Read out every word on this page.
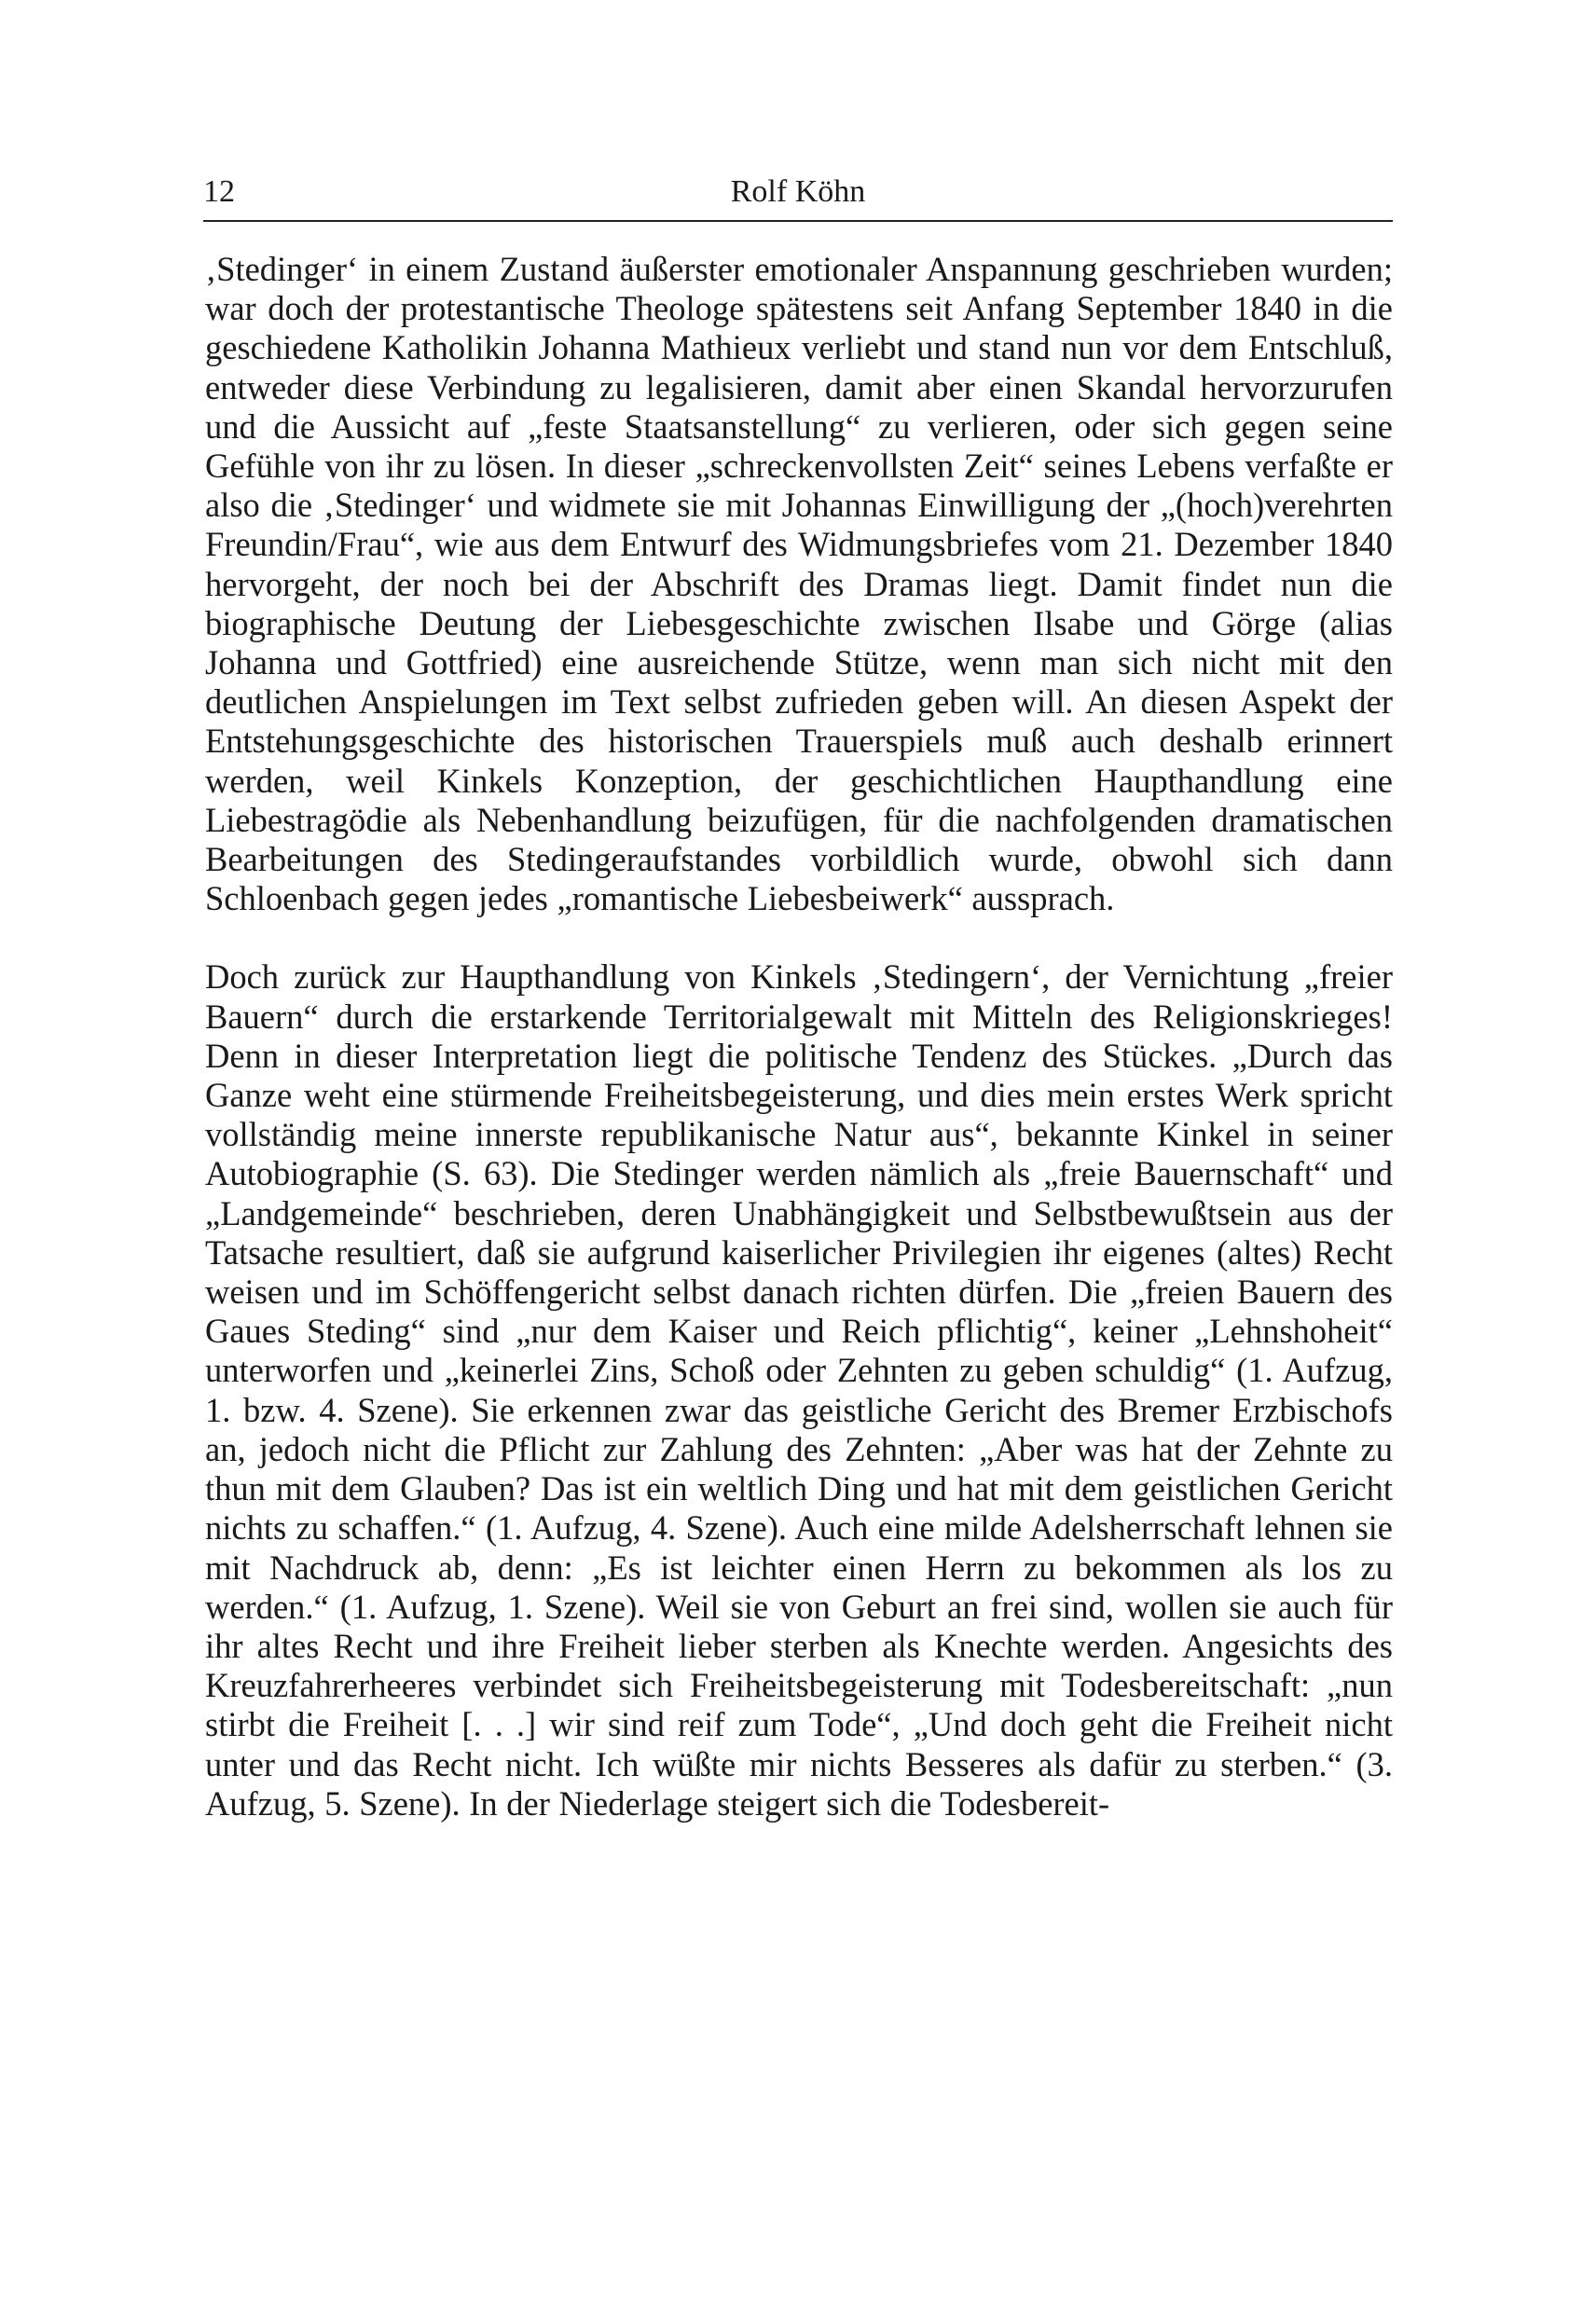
12	Rolf Köhn

‚Stedinger‘ in einem Zustand äußerster emotionaler Anspannung geschrieben wurden; war doch der protestantische Theologe spätestens seit Anfang September 1840 in die geschiedene Katholikin Johanna Mathieux verliebt und stand nun vor dem Entschluß, entweder diese Verbindung zu legalisieren, damit aber einen Skandal hervorzurufen und die Aussicht auf „feste Staatsanstellung“ zu verlieren, oder sich gegen seine Gefühle von ihr zu lösen. In dieser „schreckenvollsten Zeit“ seines Lebens verfaßte er also die ‚Stedinger‘ und widmete sie mit Johannas Einwilligung der „(hoch)verehrten Freundin/Frau“, wie aus dem Entwurf des Widmungsbriefes vom 21. Dezember 1840 hervorgeht, der noch bei der Abschrift des Dramas liegt. Damit findet nun die biographische Deutung der Liebesgeschichte zwischen Ilsabe und Görge (alias Johanna und Gottfried) eine ausreichende Stütze, wenn man sich nicht mit den deutlichen Anspielungen im Text selbst zufrieden geben will. An diesen Aspekt der Entstehungsgeschichte des historischen Trauerspiels muß auch deshalb erinnert werden, weil Kinkels Konzeption, der geschichtlichen Haupthandlung eine Liebestragödie als Nebenhandlung beizufügen, für die nachfolgenden dramatischen Bearbeitungen des Stedingeraufstandes vorbildlich wurde, obwohl sich dann Schloenbach gegen jedes „romantische Liebesbeiwerk“ aussprach.

Doch zurück zur Haupthandlung von Kinkels ‚Stedingern‘, der Vernichtung „freier Bauern“ durch die erstarkende Territorialgewalt mit Mitteln des Religionskrieges! Denn in dieser Interpretation liegt die politische Tendenz des Stückes. „Durch das Ganze weht eine stürmende Freiheitsbegeisterung, und dies mein erstes Werk spricht vollständig meine innerste republikanische Natur aus“, bekannte Kinkel in seiner Autobiographie (S. 63). Die Stedinger werden nämlich als „freie Bauernschaft“ und „Landgemeinde“ beschrieben, deren Unabhängigkeit und Selbstbewußtsein aus der Tatsache resultiert, daß sie aufgrund kaiserlicher Privilegien ihr eigenes (altes) Recht weisen und im Schöffengericht selbst danach richten dürfen. Die „freien Bauern des Gaues Steding“ sind „nur dem Kaiser und Reich pflichtig“, keiner „Lehnshoheit“ unterworfen und „keinerlei Zins, Schoß oder Zehnten zu geben schuldig“ (1. Aufzug, 1. bzw. 4. Szene). Sie erkennen zwar das geistliche Gericht des Bremer Erzbischofs an, jedoch nicht die Pflicht zur Zahlung des Zehnten: „Aber was hat der Zehnte zu thun mit dem Glauben? Das ist ein weltlich Ding und hat mit dem geistlichen Gericht nichts zu schaffen.“ (1. Aufzug, 4. Szene). Auch eine milde Adelsherrschaft lehnen sie mit Nachdruck ab, denn: „Es ist leichter einen Herrn zu bekommen als los zu werden.“ (1. Aufzug, 1. Szene). Weil sie von Geburt an frei sind, wollen sie auch für ihr altes Recht und ihre Freiheit lieber sterben als Knechte werden. Angesichts des Kreuzfahrerheeres verbindet sich Freiheitsbegeisterung mit Todesbereitschaft: „nun stirbt die Freiheit [. . .] wir sind reif zum Tode“, „Und doch geht die Freiheit nicht unter und das Recht nicht. Ich wüßte mir nichts Besseres als dafür zu sterben.“ (3. Aufzug, 5. Szene). In der Niederlage steigert sich die Todesbereit-
